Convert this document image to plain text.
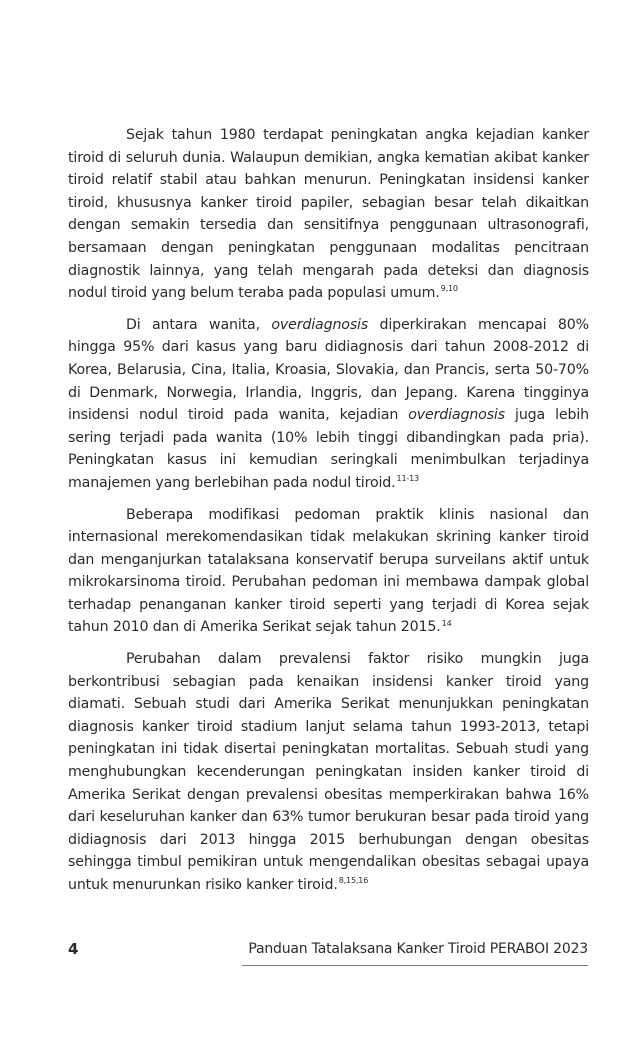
Sejak tahun 1980 terdapat peningkatan angka kejadian kanker tiroid di seluruh dunia. Walaupun demikian, angka kematian akibat kanker tiroid relatif stabil atau bahkan menurun. Peningkatan insidensi kanker tiroid, khususnya kanker tiroid papiler, sebagian besar telah dikaitkan dengan semakin tersedia dan sensitifnya penggunaan ultrasonografi, bersamaan dengan peningkatan penggunaan modalitas pencitraan diagnostik lainnya, yang telah mengarah pada deteksi dan diagnosis nodul tiroid yang belum teraba pada populasi umum.$^{9,10}$

Di antara wanita, overdiagnosis diperkirakan mencapai 80% hingga 95% dari kasus yang baru didiagnosis dari tahun 2008-2012 di Korea, Belarusia, Cina, Italia, Kroasia, Slovakia, dan Prancis, serta 50-70% di Denmark, Norwegia, Irlandia, Inggris, dan Jepang. Karena tingginya insidensi nodul tiroid pada wanita, kejadian overdiagnosis juga lebih sering terjadi pada wanita (10% lebih tinggi dibandingkan pada pria). Peningkatan kasus ini kemudian seringkali menimbulkan terjadinya manajemen yang berlebihan pada nodul tiroid.$^{11-13}$

Beberapa modifikasi pedoman praktik klinis nasional dan internasional merekomendasikan tidak melakukan skrining kanker tiroid dan menganjurkan tatalaksana konservatif berupa surveilans aktif untuk mikrokarsinoma tiroid. Perubahan pedoman ini membawa dampak global terhadap penanganan kanker tiroid seperti yang terjadi di Korea sejak tahun 2010 dan di Amerika Serikat sejak tahun 2015.14

Perubahan dalam prevalensi faktor risiko mungkin juga berkontribusi sebagian pada kenaikan insidensi kanker tiroid yang diamati. Sebuah studi dari Amerika Serikat menunjukkan peningkatan diagnosis kanker tiroid stadium lanjut selama tahun 1993-2013, tetapi peningkatan ini tidak disertai peningkatan mortalitas. Sebuah studi yang menghubungkan kecenderungan peningkatan insiden kanker tiroid di Amerika Serikat dengan prevalensi obesitas memperkirakan bahwa 16% dari keseluruhan kanker dan 63% tumor berukuran besar pada tiroid yang didiagnosis dari 2013 hingga 2015 berhubungan dengan obesitas sehingga timbul pemikiran untuk mengendalikan obesitas sebagai upaya untuk menurunkan risiko kanker tiroid.$^{8,15,16}$

4	Panduan Tatalaksana Kanker Tiroid PERABOI 2023
